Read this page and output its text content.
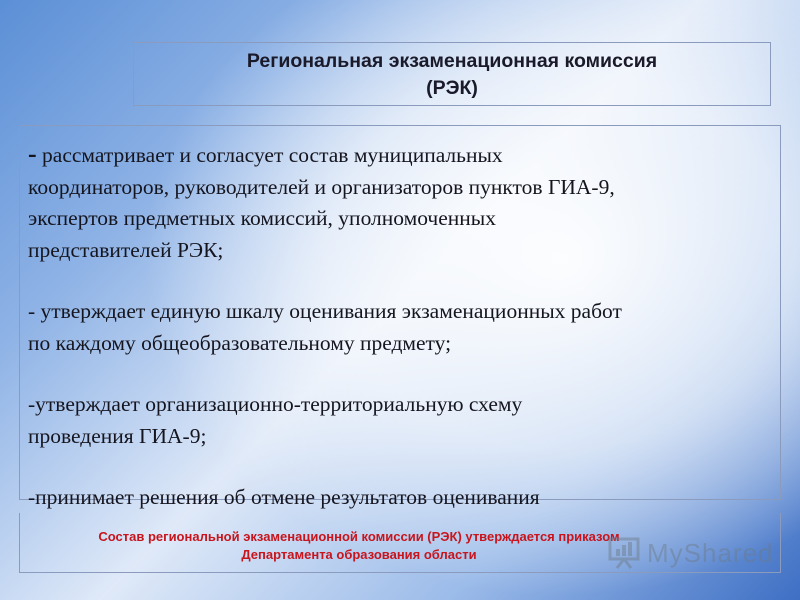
Региональная экзаменационная комиссия
(РЭК)

- рассматривает и согласует состав муниципальных

координаторов, руководителей и организаторов пунктов ГИА-9,

экспертов предметных комиссий, уполномоченных

представителей РЭК;

- утверждает единую шкалу оценивания экзаменационных работ

по каждому общеобразовательному предмету;

-утверждает организационно-территориальную схему

проведения ГИА-9;

-принимает решения об отмене результатов оценивания

Состав региональной экзаменационной комиссии (РЭК) утверждается приказом
Департамента образования области	MyShared
